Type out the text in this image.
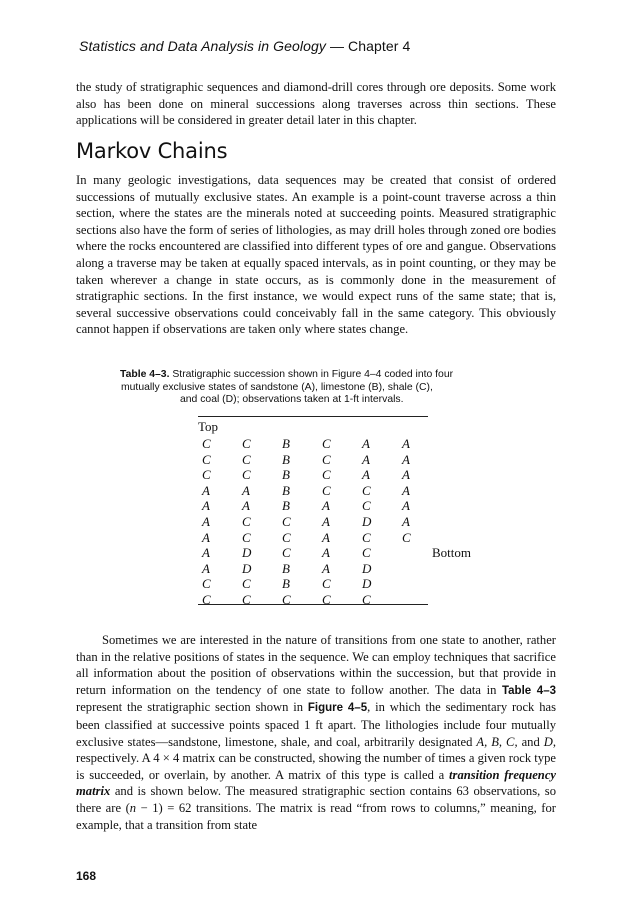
Statistics and Data Analysis in Geology — Chapter 4

the study of stratigraphic sequences and diamond-drill cores through ore deposits. Some work also has been done on mineral successions along traverses across thin sections. These applications will be considered in greater detail later in this chapter.

Markov Chains

In many geologic investigations, data sequences may be created that consist of ordered successions of mutually exclusive states. An example is a point-count traverse across a thin section, where the states are the minerals noted at succeeding points. Measured stratigraphic sections also have the form of series of lithologies, as may drill holes through zoned ore bodies where the rocks encountered are classified into different types of ore and gangue. Observations along a traverse may be taken at equally spaced intervals, as in point counting, or they may be taken wherever a change in state occurs, as is commonly done in the measurement of stratigraphic sections. In the first instance, we would expect runs of the same state; that is, several successive observations could conceivably fall in the same category. This obviously cannot happen if observations are taken only where states change.

Table 4–3. Stratigraphic succession shown in Figure 4–4 coded into four
mutually exclusive states of sandstone (A), limestone (B), shale (C),
and coal (D); observations taken at 1-ft intervals.
Top
C	C	B	C	A	A
C	C	B	C	A	A
C	C	B	C	A	A
A	A	B	C	C	A
A	A	B	A	C	A
A	C	C	A	D	A
A	C	C	A	C	C
A	D	C	A	C	Bottom
A	D	B	A	D
C	C	B	C	D
C	C	C	C	C

Sometimes we are interested in the nature of transitions from one state to another, rather than in the relative positions of states in the sequence. We can employ techniques that sacrifice all information about the position of observations within the succession, but that provide in return information on the tendency of one state to follow another. The data in Table 4–3 represent the stratigraphic section shown in Figure 4–5, in which the sedimentary rock has been classified at successive points spaced 1 ft apart. The lithologies include four mutually exclusive states—sandstone, limestone, shale, and coal, arbitrarily designated A, B, C, and D, respectively. A 4 × 4 matrix can be constructed, showing the number of times a given rock type is succeeded, or overlain, by another. A matrix of this type is called a transition frequency matrix and is shown below. The measured stratigraphic section contains 63 observations, so there are (n − 1) = 62 transitions. The matrix is read “from rows to columns,” meaning, for example, that a transition from state

168
